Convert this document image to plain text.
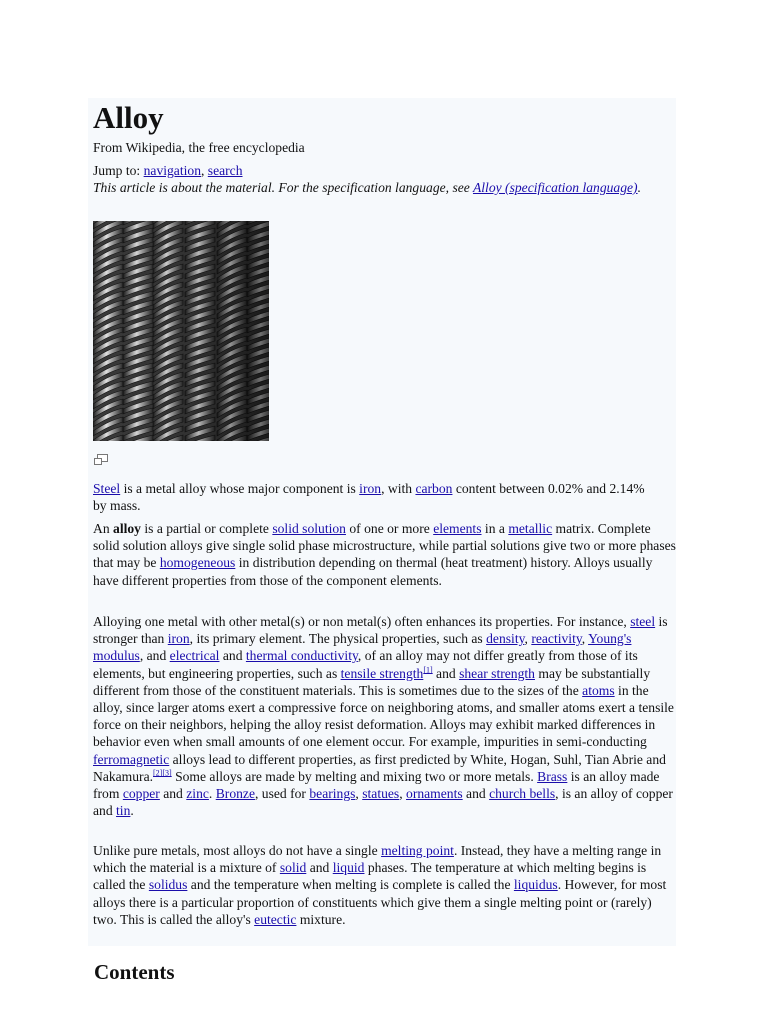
Alloy
From Wikipedia, the free encyclopedia
Jump to: navigation, search
This article is about the material. For the specification language, see Alloy (specification language).
Steel is a metal alloy whose major component is iron, with carbon content between 0.02% and 2.14% by mass.
An alloy is a partial or complete solid solution of one or more elements in a metallic matrix. Complete solid solution alloys give single solid phase microstructure, while partial solutions give two or more phases that may be homogeneous in distribution depending on thermal (heat treatment) history. Alloys usually have different properties from those of the component elements.
Alloying one metal with other metal(s) or non metal(s) often enhances its properties. For instance, steel is stronger than iron, its primary element. The physical properties, such as density, reactivity, Young's modulus, and electrical and thermal conductivity, of an alloy may not differ greatly from those of its elements, but engineering properties, such as tensile strength[1] and shear strength may be substantially different from those of the constituent materials. This is sometimes due to the sizes of the atoms in the alloy, since larger atoms exert a compressive force on neighboring atoms, and smaller atoms exert a tensile force on their neighbors, helping the alloy resist deformation. Alloys may exhibit marked differences in behavior even when small amounts of one element occur. For example, impurities in semi-conducting ferromagnetic alloys lead to different properties, as first predicted by White, Hogan, Suhl, Tian Abrie and Nakamura.[2][3] Some alloys are made by melting and mixing two or more metals. Brass is an alloy made from copper and zinc. Bronze, used for bearings, statues, ornaments and church bells, is an alloy of copper and tin.
Unlike pure metals, most alloys do not have a single melting point. Instead, they have a melting range in which the material is a mixture of solid and liquid phases. The temperature at which melting begins is called the solidus and the temperature when melting is complete is called the liquidus. However, for most alloys there is a particular proportion of constituents which give them a single melting point or (rarely) two. This is called the alloy's eutectic mixture.
Contents
